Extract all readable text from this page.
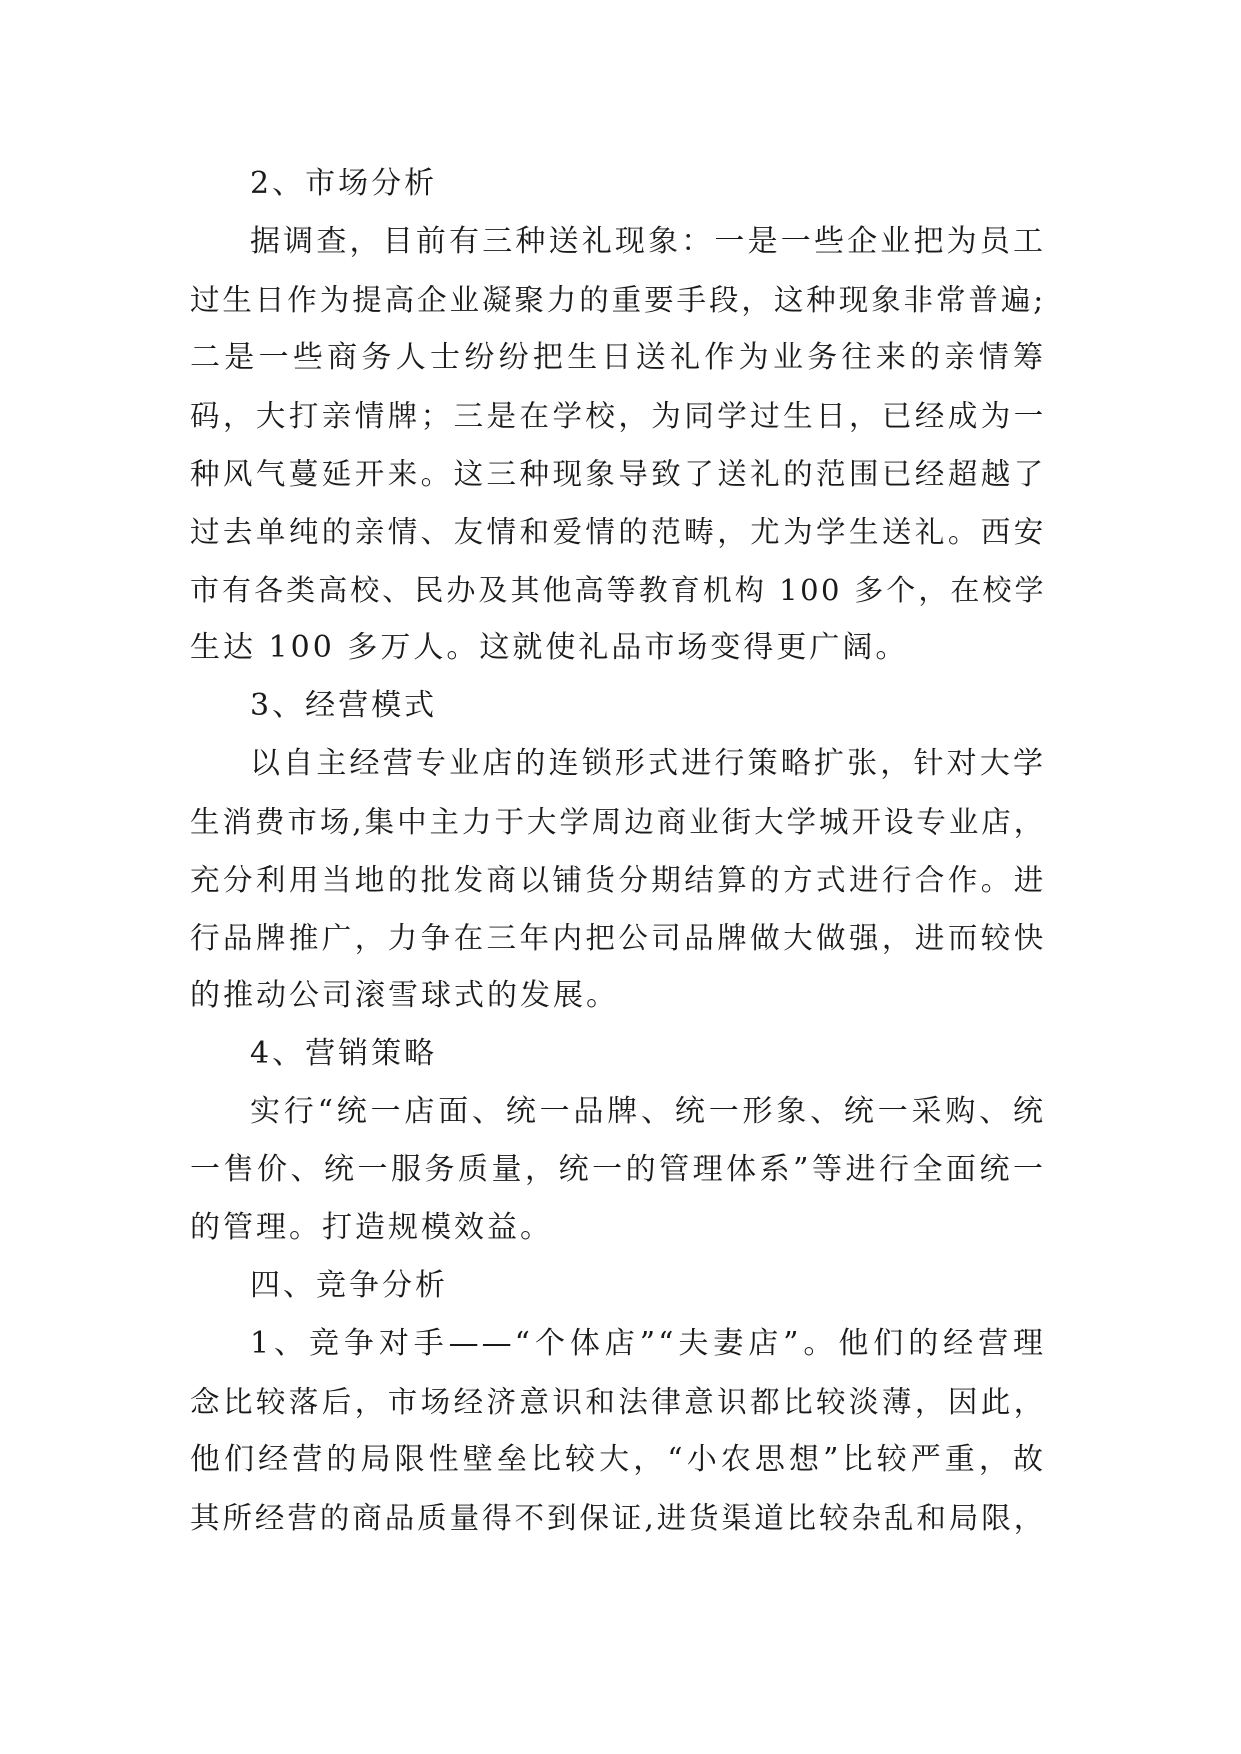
2、市场分析
据调查，目前有三种送礼现象：一是一些企业把为员工
过生日作为提高企业凝聚力的重要手段，这种现象非常普遍;
二是一些商务人士纷纷把生日送礼作为业务往来的亲情筹
码，大打亲情牌；三是在学校，为同学过生日，已经成为一
种风气蔓延开来。这三种现象导致了送礼的范围已经超越了
过去单纯的亲情、友情和爱情的范畴，尤为学生送礼。西安
市有各类高校、民办及其他高等教育机构 100 多个，在校学
生达 100 多万人。这就使礼品市场变得更广阔。
3、经营模式
以自主经营专业店的连锁形式进行策略扩张，针对大学
生消费市场,集中主力于大学周边商业街大学城开设专业店，
充分利用当地的批发商以铺货分期结算的方式进行合作。进
行品牌推广，力争在三年内把公司品牌做大做强，进而较快
的推动公司滚雪球式的发展。
4、营销策略
实行“统一店面、统一品牌、统一形象、统一采购、统
一售价、统一服务质量，统一的管理体系”等进行全面统一
的管理。打造规模效益。
四、竞争分析
1、竞争对手——“个体店”“夫妻店”。他们的经营理
念比较落后，市场经济意识和法律意识都比较淡薄，因此，
他们经营的局限性壁垒比较大，“小农思想”比较严重，故
其所经营的商品质量得不到保证,进货渠道比较杂乱和局限，
